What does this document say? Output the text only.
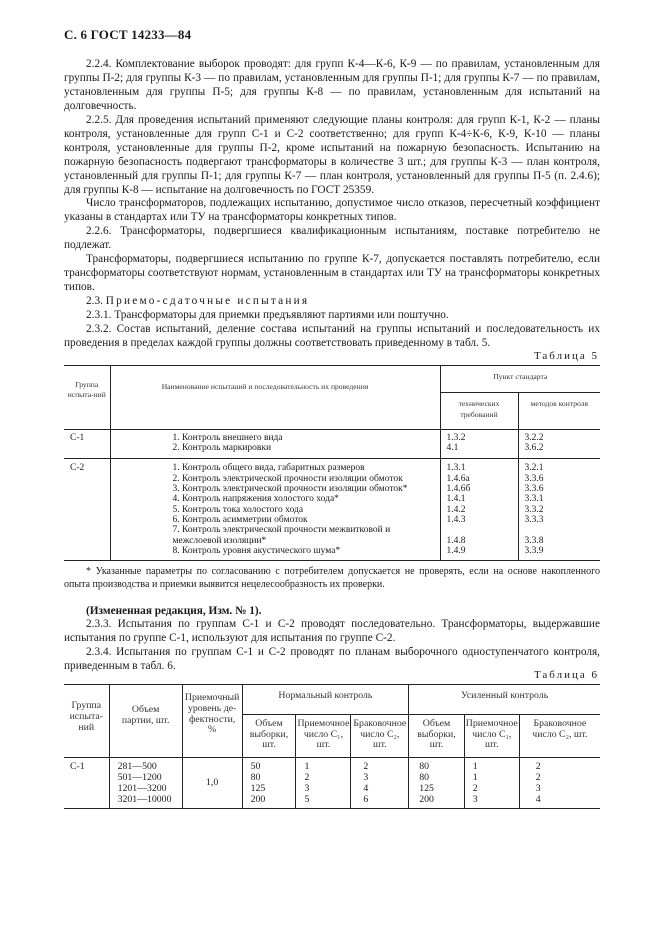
С. 6 ГОСТ 14233—84
2.2.4. Комплектование выборок проводят: для групп К-4—К-6, К-9 — по правилам, установленным для группы П-2; для группы К-3 — по правилам, установленным для группы П-1; для группы К-7 — по правилам, установленным для группы П-5; для группы К-8 — по правилам, установленным для испытаний на долговечность.
2.2.5. Для проведения испытаний применяют следующие планы контроля: для групп К-1, К-2 — планы контроля, установленные для групп С-1 и С-2 соответственно; для групп К-4÷К-6, К-9, К-10 — планы контроля, установленные для группы П-2, кроме испытаний на пожарную безопасность. Испытанию на пожарную безопасность подвергают трансформаторы в количестве 3 шт.; для группы К-3 — план контроля, установленный для группы П-1; для группы К-7 — план контроля, установленный для группы П-5 (п. 2.4.6); для группы К-8 — испытание на долговечность по ГОСТ 25359.
Число трансформаторов, подлежащих испытанию, допустимое число отказов, пересчетный коэффициент указаны в стандартах или ТУ на трансформаторы конкретных типов.
2.2.6. Трансформаторы, подвергшиеся квалификационным испытаниям, поставке потребителю не подлежат.
Трансформаторы, подвергшиеся испытанию по группе К-7, допускается поставлять потребителю, если трансформаторы соответствуют нормам, установленным в стандартах или ТУ на трансформаторы конкретных типов.
2.3. Приемо-сдаточные испытания
2.3.1. Трансформаторы для приемки предъявляют партиями или поштучно.
2.3.2. Состав испытаний, деление состава испытаний на группы испытаний и последовательность их проведения в пределах каждой группы должны соответствовать приведенному в табл. 5.
Таблица 5
Группа испыта-ний	Наименование испытаний и последовательность их проведения	Пункт стандарта	
		технических требований	методов контроля
С-1	1. Контроль внешнего вида	1.3.2	3.2.2
	2. Контроль маркировки	4.1	3.6.2
С-2	1. Контроль общего вида, габаритных размеров	1.3.1	3.2.1
	2. Контроль электрической прочности изоляции обмоток	1.4.6а	3.3.6
	3. Контроль электрической прочности изоляции обмоток*	1.4.6б	3.3.6
	4. Контроль напряжения холостого хода*	1.4.1	3.3.1
	5. Контроль тока холостого хода	1.4.2	3.3.2
	6. Контроль асимметрии обмоток	1.4.3	3.3.3
	7. Контроль электрической прочности межвитковой и межслоевой изоляции*	1.4.8	3.3.8
	8. Контроль уровня акустического шума*	1.4.9	3.3.9
* Указанные параметры по согласованию с потребителем допускается не проверять, если на основе накопленного опыта производства и приемки выявится нецелесообразность их проверки.
(Измененная редакция, Изм. № 1).
2.3.3. Испытания по группам С-1 и С-2 проводят последовательно. Трансформаторы, выдержавшие испытания по группе С-1, используют для испытания по группе С-2.
2.3.4. Испытания по группам С-1 и С-2 проводят по планам выборочного одноступенчатого контроля, приведенным в табл. 6.
Таблица 6
Группа испыта-ний	Объем партии, шт.	Приемочный уровень де-фектности, %	Нормальный контроль			Усиленный контроль		
			Объем выборки, шт.	Приемочное число C₁, шт.	Браковочное число C₂, шт.	Объем выборки, шт.	Приемочное число C₁, шт.	Браковочное число C₂, шт.
С-1	281—500	1,0	50	1	2	80	1	2
	501—1200		80	2	3	80	1	2
	1201—3200		125	3	4	125	2	3
	3201—10000		200	5	6	200	3	4
